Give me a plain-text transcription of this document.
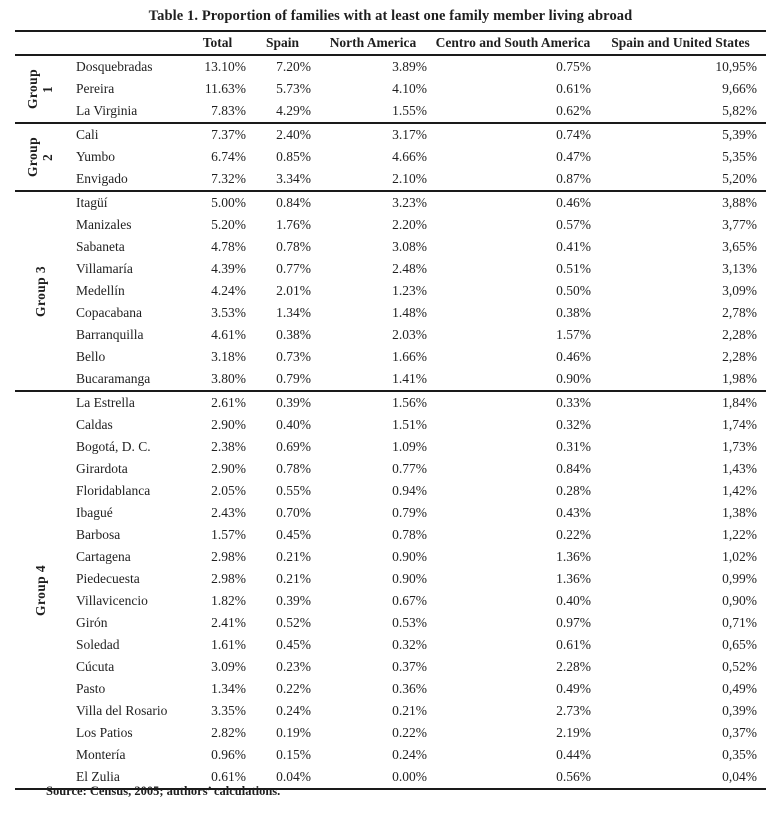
Table 1. Proportion of families with at least one family member living abroad
		Total	Spain	North America	Centro and South America	Spain and United States

Group 1	Dosquebradas	13.10%	7.20%	3.89%	0.75%	10,95%
	Pereira	11.63%	5.73%	4.10%	0.61%	9,66%
	La Virginia	7.83%	4.29%	1.55%	0.62%	5,82%

Group 2	Cali	7.37%	2.40%	3.17%	0.74%	5,39%
	Yumbo	6.74%	0.85%	4.66%	0.47%	5,35%
	Envigado	7.32%	3.34%	2.10%	0.87%	5,20%

Group 3	Itagüí	5.00%	0.84%	3.23%	0.46%	3,88%
	Manizales	5.20%	1.76%	2.20%	0.57%	3,77%
	Sabaneta	4.78%	0.78%	3.08%	0.41%	3,65%
	Villamaría	4.39%	0.77%	2.48%	0.51%	3,13%
	Medellín	4.24%	2.01%	1.23%	0.50%	3,09%
	Copacabana	3.53%	1.34%	1.48%	0.38%	2,78%
	Barranquilla	4.61%	0.38%	2.03%	1.57%	2,28%
	Bello	3.18%	0.73%	1.66%	0.46%	2,28%
	Bucaramanga	3.80%	0.79%	1.41%	0.90%	1,98%

Group 4	La Estrella	2.61%	0.39%	1.56%	0.33%	1,84%
	Caldas	2.90%	0.40%	1.51%	0.32%	1,74%
	Bogotá, D. C.	2.38%	0.69%	1.09%	0.31%	1,73%
	Girardota	2.90%	0.78%	0.77%	0.84%	1,43%
	Floridablanca	2.05%	0.55%	0.94%	0.28%	1,42%
	Ibagué	2.43%	0.70%	0.79%	0.43%	1,38%
	Barbosa	1.57%	0.45%	0.78%	0.22%	1,22%
	Cartagena	2.98%	0.21%	0.90%	1.36%	1,02%
	Piedecuesta	2.98%	0.21%	0.90%	1.36%	0,99%
	Villavicencio	1.82%	0.39%	0.67%	0.40%	0,90%
	Girón	2.41%	0.52%	0.53%	0.97%	0,71%
	Soledad	1.61%	0.45%	0.32%	0.61%	0,65%
	Cúcuta	3.09%	0.23%	0.37%	2.28%	0,52%
	Pasto	1.34%	0.22%	0.36%	0.49%	0,49%
	Villa del Rosario	3.35%	0.24%	0.21%	2.73%	0,39%
	Los Patios	2.82%	0.19%	0.22%	2.19%	0,37%
	Montería	0.96%	0.15%	0.24%	0.44%	0,35%
	El Zulia	0.61%	0.04%	0.00%	0.56%	0,04%
Source: Census, 2005; authors’ calculations.
